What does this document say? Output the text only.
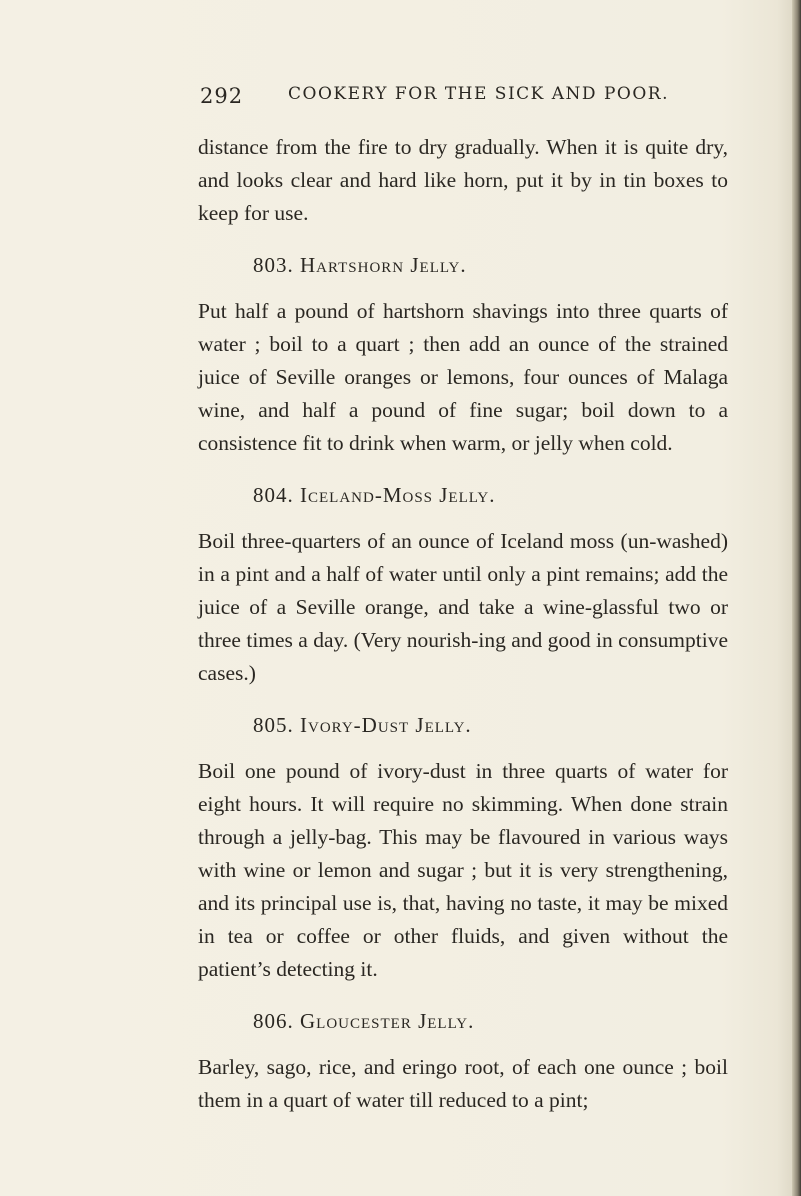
292	COOKERY FOR THE SICK AND POOR.

distance from the fire to dry gradually. When it is quite dry, and looks clear and hard like horn, put it by in tin boxes to keep for use.

803. Hartshorn Jelly.

Put half a pound of hartshorn shavings into three quarts of water ; boil to a quart ; then add an ounce of the strained juice of Seville oranges or lemons, four ounces of Malaga wine, and half a pound of fine sugar; boil down to a consistence fit to drink when warm, or jelly when cold.

804. Iceland-Moss Jelly.

Boil three-quarters of an ounce of Iceland moss (un-washed) in a pint and a half of water until only a pint remains; add the juice of a Seville orange, and take a wine-glassful two or three times a day. (Very nourish-ing and good in consumptive cases.)

805. Ivory-Dust Jelly.

Boil one pound of ivory-dust in three quarts of water for eight hours. It will require no skimming. When done strain through a jelly-bag. This may be flavoured in various ways with wine or lemon and sugar ; but it is very strengthening, and its principal use is, that, having no taste, it may be mixed in tea or coffee or other fluids, and given without the patient’s detecting it.

806. Gloucester Jelly.

Barley, sago, rice, and eringo root, of each one ounce ; boil them in a quart of water till reduced to a pint;
